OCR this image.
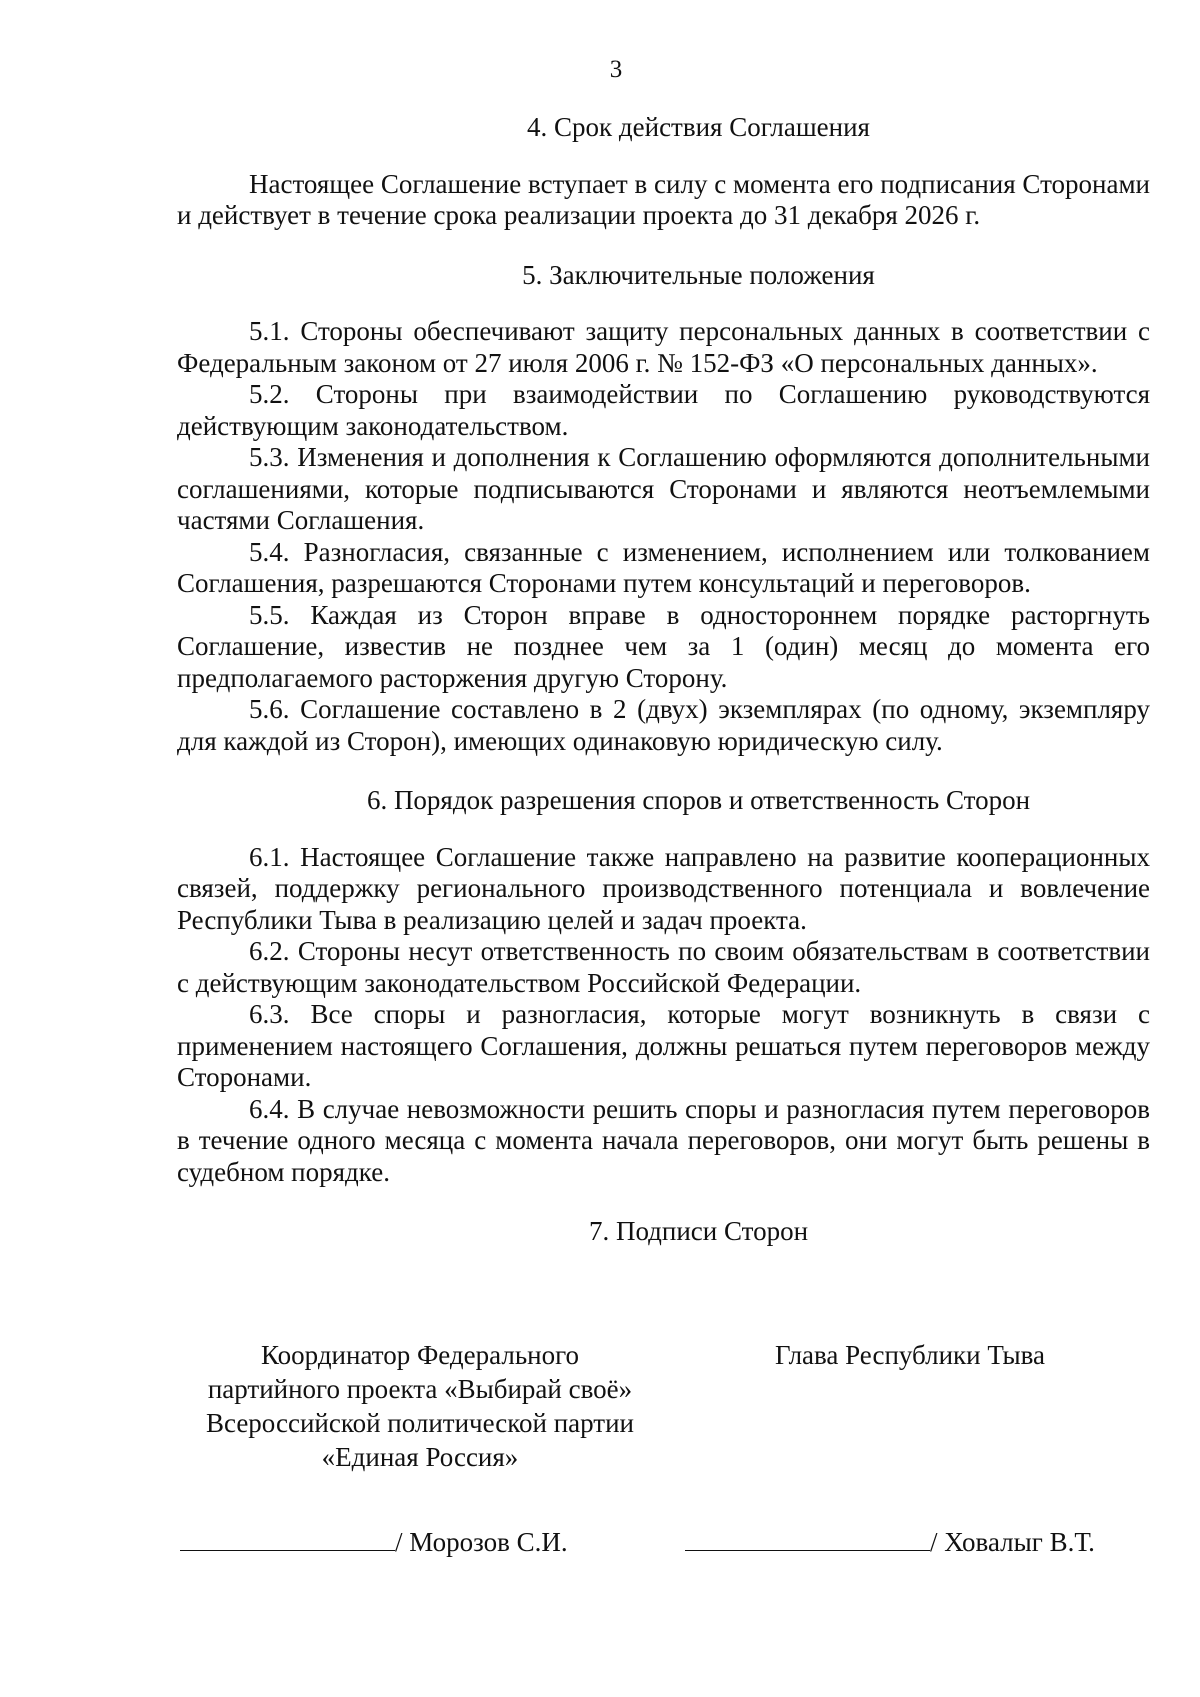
3
4. Срок действия Соглашения

Настоящее Соглашение вступает в силу с момента его подписания Сторонами и действует в течение срока реализации проекта до 31 декабря 2026 г.

5. Заключительные положения

5.1. Стороны обеспечивают защиту персональных данных в соответствии с Федеральным законом от 27 июля 2006 г. № 152-ФЗ «О персональных данных».

5.2. Стороны при взаимодействии по Соглашению руководствуются действующим законодательством.

5.3. Изменения и дополнения к Соглашению оформляются дополнительными соглашениями, которые подписываются Сторонами и являются неотъемлемыми частями Соглашения.

5.4. Разногласия, связанные с изменением, исполнением или толкованием Соглашения, разрешаются Сторонами путем консультаций и переговоров.

5.5. Каждая из Сторон вправе в одностороннем порядке расторгнуть Соглашение, известив не позднее чем за 1 (один) месяц до момента его предполагаемого расторжения другую Сторону.

5.6. Соглашение составлено в 2 (двух) экземплярах (по одному, экземпляру для каждой из Сторон), имеющих одинаковую юридическую силу.

6. Порядок разрешения споров и ответственность Сторон

6.1. Настоящее Соглашение также направлено на развитие кооперационных связей, поддержку регионального производственного потенциала и вовлечение Республики Тыва в реализацию целей и задач проекта.

6.2. Стороны несут ответственность по своим обязательствам в соответствии с действующим законодательством Российской Федерации.

6.3. Все споры и разногласия, которые могут возникнуть в связи с применением настоящего Соглашения, должны решаться путем переговоров между Сторонами.

6.4. В случае невозможности решить споры и разногласия путем переговоров в течение одного месяца с момента начала переговоров, они могут быть решены в судебном порядке.

7. Подписи Сторон
Координатор Федерального
партийного проекта «Выбирай своё»
Всероссийской политической партии
«Единая Россия»
Глава Республики Тыва
/ Морозов С.И.	/ Ховалыг В.Т.
